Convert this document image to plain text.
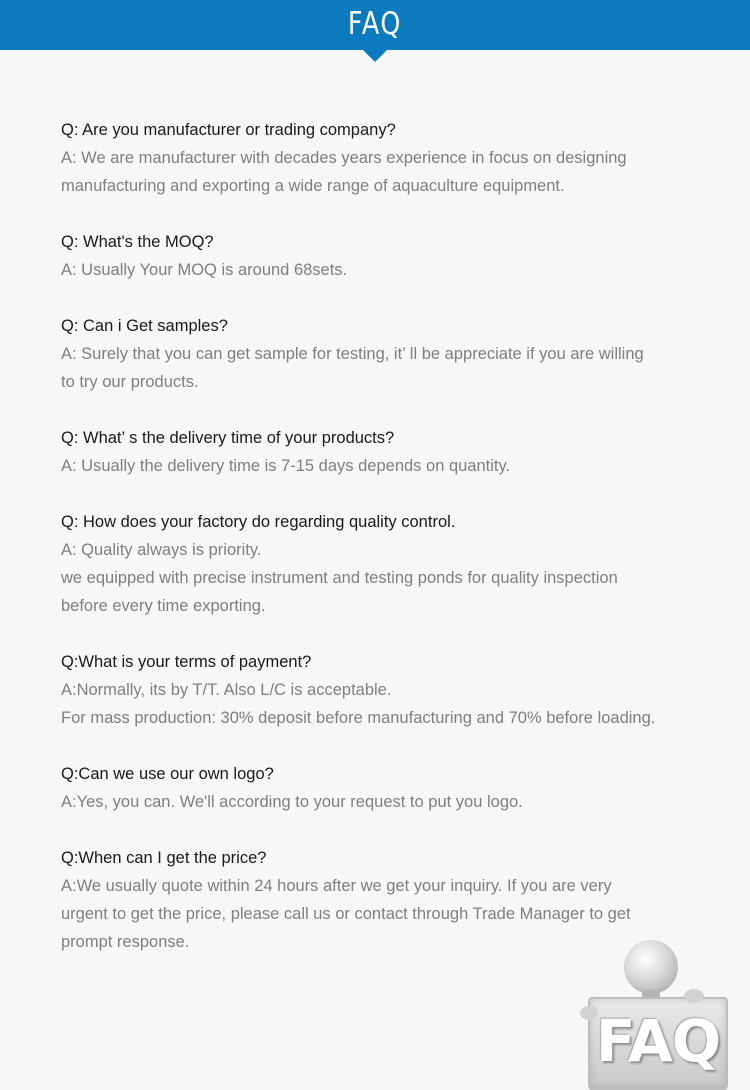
FAQ
Q: Are you manufacturer or trading company?
A: We are manufacturer with decades years experience in focus on designing
manufacturing and exporting a wide range of aquaculture equipment.
Q: What's the MOQ?
A: Usually Your MOQ is around 68sets.
Q: Can i Get samples?
A: Surely that you can get sample for testing, it’ ll be appreciate if you are willing
to try our products.
Q: What’ s the delivery time of your products?
A: Usually the delivery time is 7-15 days depends on quantity.
Q: How does your factory do regarding quality control.
A: Quality always is priority.
we equipped with precise instrument and testing ponds for quality inspection
before every time exporting.
Q:What is your terms of payment?
A:Normally, its by T/T. Also L/C is acceptable.
For mass production: 30% deposit before manufacturing and 70% before loading.
Q:Can we use our own logo?
A:Yes, you can. We'll according to your request to put you logo.
Q:When can I get the price?
A:We usually quote within 24 hours after we get your inquiry. If you are very
urgent to get the price, please call us or contact through Trade Manager to get
prompt response.
FAQ
